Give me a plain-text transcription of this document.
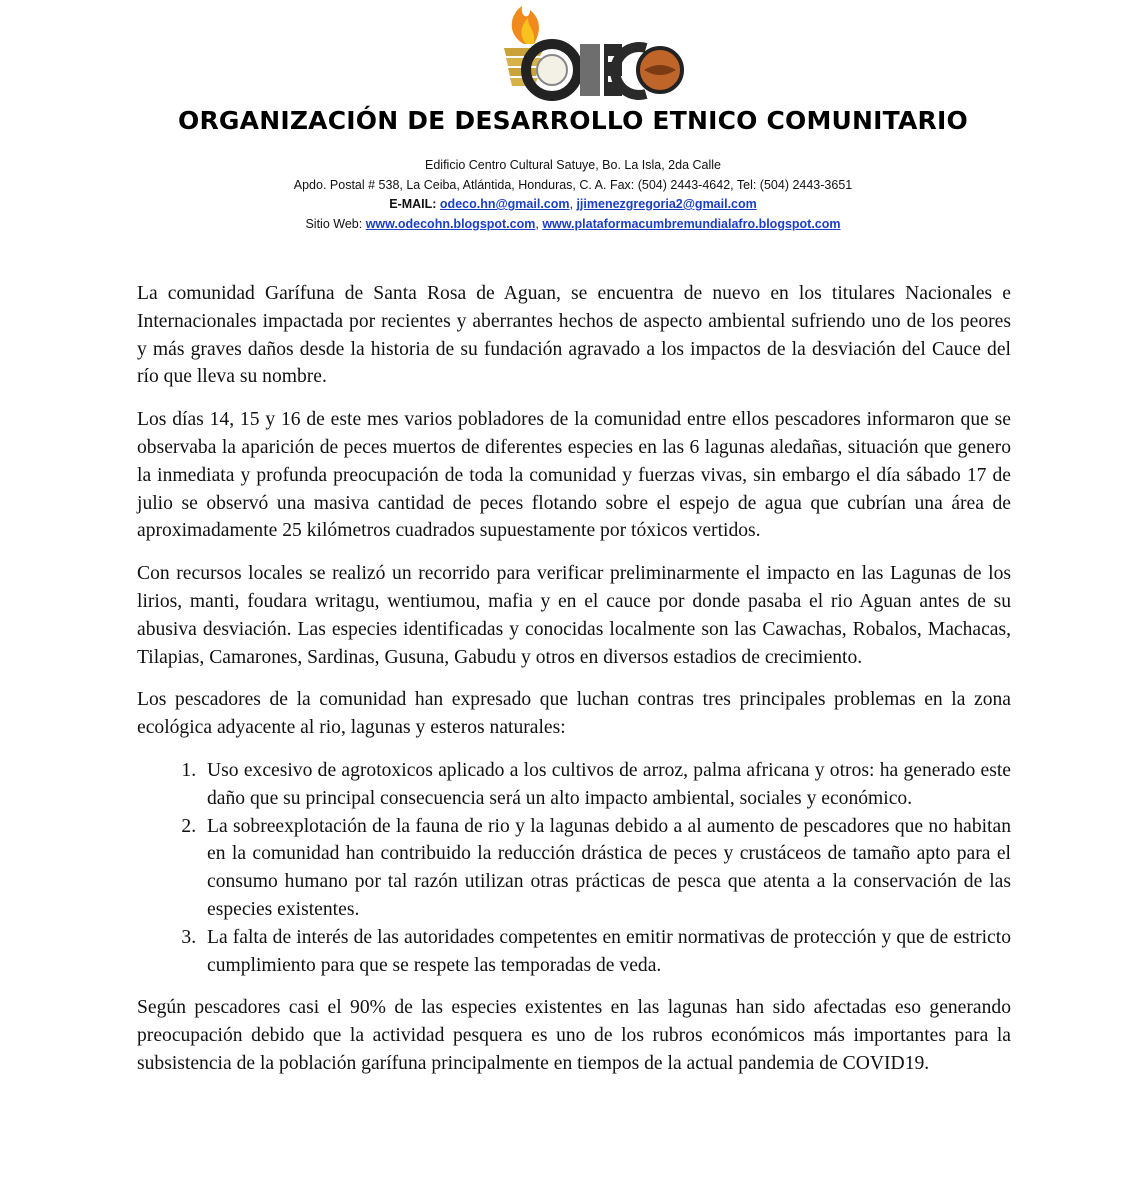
ORGANIZACIÓN DE DESARROLLO ETNICO COMUNITARIO
Edificio Centro Cultural Satuye, Bo. La Isla, 2da Calle
Apdo. Postal # 538, La Ceiba, Atlántida, Honduras, C. A. Fax: (504) 2443-4642, Tel: (504) 2443-3651
E-MAIL: odeco.hn@gmail.com, jjimenezgregoria2@gmail.com
Sitio Web: www.odecohn.blogspot.com, www.plataformacumbremundialafro.blogspot.com

La comunidad Garífuna de Santa Rosa de Aguan, se encuentra de nuevo en los titulares Nacionales e Internacionales impactada por recientes y aberrantes hechos de aspecto ambiental sufriendo uno de los peores y más graves daños desde la historia de su fundación agravado a los impactos de la desviación del Cauce del río que lleva su nombre.

Los días 14, 15 y 16 de este mes varios pobladores de la comunidad entre ellos pescadores informaron que se observaba la aparición de peces muertos de diferentes especies en las 6 lagunas aledañas, situación que genero la inmediata y profunda preocupación de toda la comunidad y fuerzas vivas, sin embargo el día sábado 17 de julio se observó una masiva cantidad de peces flotando sobre el espejo de agua que cubrían una área de aproximadamente 25 kilómetros cuadrados supuestamente por tóxicos vertidos.

Con recursos locales se realizó un recorrido para verificar preliminarmente el impacto en las Lagunas de los lirios, manti, foudara writagu, wentiumou, mafia y en el cauce por donde pasaba el rio Aguan antes de su abusiva desviación. Las especies identificadas y conocidas localmente son las Cawachas, Robalos, Machacas, Tilapias, Camarones, Sardinas, Gusuna, Gabudu y otros en diversos estadios de crecimiento.

Los pescadores de la comunidad han expresado que luchan contras tres principales problemas en la zona ecológica adyacente al rio, lagunas y esteros naturales:

1. Uso excesivo de agrotoxicos aplicado a los cultivos de arroz, palma africana y otros: ha generado este daño que su principal consecuencia será un alto impacto ambiental, sociales y económico.
2. La sobreexplotación de la fauna de rio y la lagunas debido a al aumento de pescadores que no habitan en la comunidad han contribuido la reducción drástica de peces y crustáceos de tamaño apto para el consumo humano por tal razón utilizan otras prácticas de pesca que atenta a la conservación de las especies existentes.
3. La falta de interés de las autoridades competentes en emitir normativas de protección y que de estricto cumplimiento para que se respete las temporadas de veda.

Según pescadores casi el 90% de las especies existentes en las lagunas han sido afectadas eso generando preocupación debido que la actividad pesquera es uno de los rubros económicos más importantes para la subsistencia de la población garífuna principalmente en tiempos de la actual pandemia de COVID19.
